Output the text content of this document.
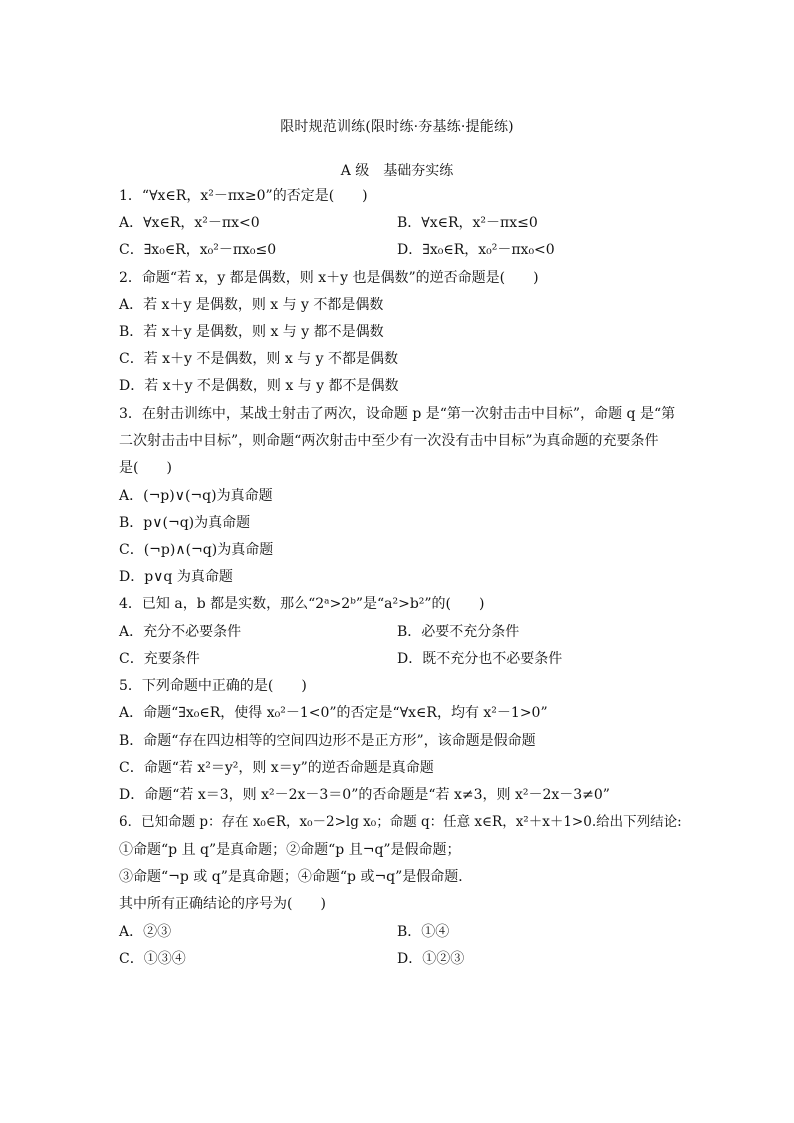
限时规范训练(限时练·夯基练·提能练)
A 级　基础夯实练
1．“∀x∈R，x²－πx≥0”的否定是(　　)
A．∀x∈R，x²－πx<0	B．∀x∈R，x²－πx≤0
C．∃x₀∈R，x₀²－πx₀≤0	D．∃x₀∈R，x₀²－πx₀<0
2．命题“若 x，y 都是偶数，则 x＋y 也是偶数”的逆否命题是(　　)
A．若 x＋y 是偶数，则 x 与 y 不都是偶数
B．若 x＋y 是偶数，则 x 与 y 都不是偶数
C．若 x＋y 不是偶数，则 x 与 y 不都是偶数
D．若 x＋y 不是偶数，则 x 与 y 都不是偶数
3．在射击训练中，某战士射击了两次，设命题 p 是“第一次射击击中目标”，命题 q 是“第
二次射击击中目标”，则命题“两次射击中至少有一次没有击中目标”为真命题的充要条件
是(　　)
A．(¬p)∨(¬q)为真命题
B．p∨(¬q)为真命题
C．(¬p)∧(¬q)为真命题
D．p∨q 为真命题
4．已知 a，b 都是实数，那么“2ᵃ>2ᵇ”是“a²>b²”的(　　)
A．充分不必要条件	B．必要不充分条件
C．充要条件	D．既不充分也不必要条件
5．下列命题中正确的是(　　)
A．命题“∃x₀∈R，使得 x₀²－1<0”的否定是“∀x∈R，均有 x²－1>0”
B．命题“存在四边相等的空间四边形不是正方形”，该命题是假命题
C．命题“若 x²＝y²，则 x＝y”的逆否命题是真命题
D．命题“若 x＝3，则 x²－2x－3＝0”的否命题是“若 x≠3，则 x²－2x－3≠0”
6．已知命题 p：存在 x₀∈R，x₀－2>lg x₀；命题 q：任意 x∈R，x²＋x＋1>0.给出下列结论:
①命题“p 且 q”是真命题；②命题“p 且¬q”是假命题；
③命题“¬p 或 q”是真命题；④命题“p 或¬q”是假命题．
其中所有正确结论的序号为(　　)
A．②③	B．①④
C．①③④	D．①②③
